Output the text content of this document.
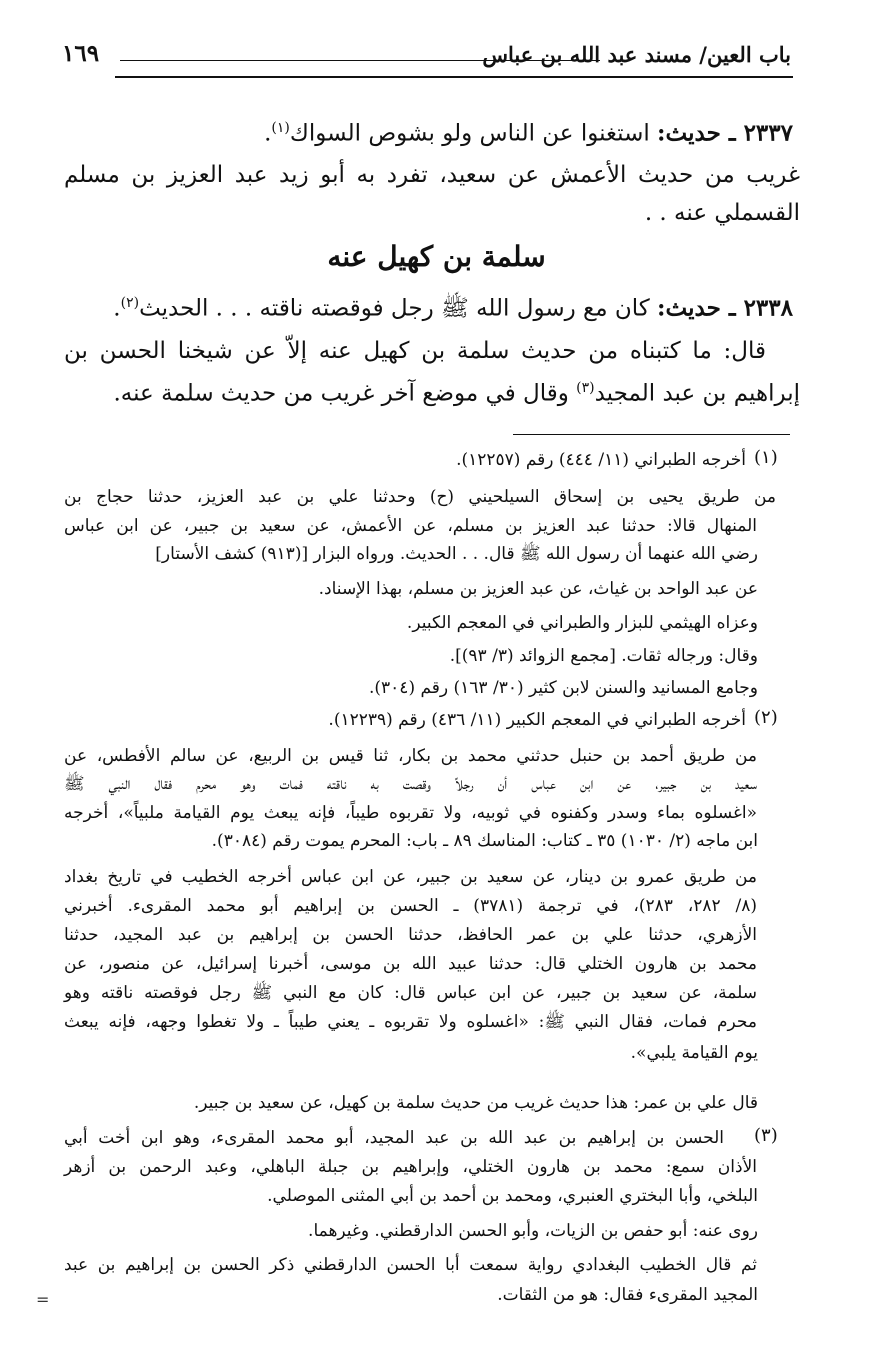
١٦٩	باب العين/ مسند عبد الله بن عباس
٢٣٣٧ ـ حديث: استغنوا عن الناس ولو بشوص السواك$^{(١)}$.
غريب من حديث الأعمش عن سعيد، تفرد به أبو زيد عبد العزيز بن مسلم
القسملي عنه . .
سلمة بن كهيل عنه
٢٣٣٨ ـ حديث: كان مع رسول الله ﷺ رجل فوقصته ناقته . . . الحديث$^{(٢)}$.
قال: ما كتبناه من حديث سلمة بن كهيل عنه إلاّ عن شيخنا الحسن بن
إبراهيم بن عبد المجيد$^{(٣)}$ وقال في موضع آخر غريب من حديث سلمة عنه.
(١)
(٢)
(٣)
أخرجه الطبراني (١١/ ٤٤٤) رقم (١٢٢٥٧).
من طريق يحيى بن إسحاق السيلحيني (ح) وحدثنا علي بن عبد العزيز، حدثنا حجاج بن
المنهال قالا: حدثنا عبد العزيز بن مسلم، عن الأعمش، عن سعيد بن جبير، عن ابن عباس
رضي الله عنهما أن رسول الله ﷺ قال. . . الحديث. ورواه البزار [(٩١٣) كشف الأستار]
عن عبد الواحد بن غياث، عن عبد العزيز بن مسلم، بهذا الإسناد.
وعزاه الهيثمي للبزار والطبراني في المعجم الكبير.
وقال: ورجاله ثقات. [مجمع الزوائد (٣/ ٩٣)].
وجامع المسانيد والسنن لابن كثير (٣٠/ ١٦٣) رقم (٣٠٤).
أخرجه الطبراني في المعجم الكبير (١١/ ٤٣٦) رقم (١٢٢٣٩).
من طريق أحمد بن حنبل حدثني محمد بن بكار، ثنا قيس بن الربيع، عن سالم الأفطس، عن
سعيد بن جبير، عن ابن عباس أن رجلاً وقصت به ناقته فمات وهو محرم فقال النبي ﷺ
«اغسلوه بماء وسدر وكفنوه في ثوبيه، ولا تقربوه طيباً، فإنه يبعث يوم القيامة ملبياً»، أخرجه
ابن ماجه (٢/ ١٠٣٠) ٣٥ ـ كتاب: المناسك ٨٩ ـ باب: المحرم يموت رقم (٣٠٨٤).
من طريق عمرو بن دينار، عن سعيد بن جبير، عن ابن عباس أخرجه الخطيب في تاريخ بغداد
(٨/ ٢٨٢، ٢٨٣)، في ترجمة (٣٧٨١) ـ الحسن بن إبراهيم أبو محمد المقرىء. أخبرني
الأزهري، حدثنا علي بن عمر الحافظ، حدثنا الحسن بن إبراهيم بن عبد المجيد، حدثنا
محمد بن هارون الختلي قال: حدثنا عبيد الله بن موسى، أخبرنا إسرائيل، عن منصور، عن
سلمة، عن سعيد بن جبير، عن ابن عباس قال: كان مع النبي ﷺ رجل فوقصته ناقته وهو
محرم فمات، فقال النبي ﷺ: «اغسلوه ولا تقربوه ـ يعني طيباً ـ ولا تغطوا وجهه، فإنه يبعث
يوم القيامة يلبي».
قال علي بن عمر: هذا حديث غريب من حديث سلمة بن كهيل، عن سعيد بن جبير.
الحسن بن إبراهيم بن عبد الله بن عبد المجيد، أبو محمد المقرىء، وهو ابن أخت أبي
الأذان سمع: محمد بن هارون الختلي، وإبراهيم بن جبلة الباهلي، وعبد الرحمن بن أزهر
البلخي، وأبا البختري العنبري، ومحمد بن أحمد بن أبي المثنى الموصلي.
روى عنه: أبو حفص بن الزيات، وأبو الحسن الدارقطني. وغيرهما.
ثم قال الخطيب البغدادي رواية سمعت أبا الحسن الدارقطني ذكر الحسن بن إبراهيم بن عبد
المجيد المقرىء فقال: هو من الثقات.
=
